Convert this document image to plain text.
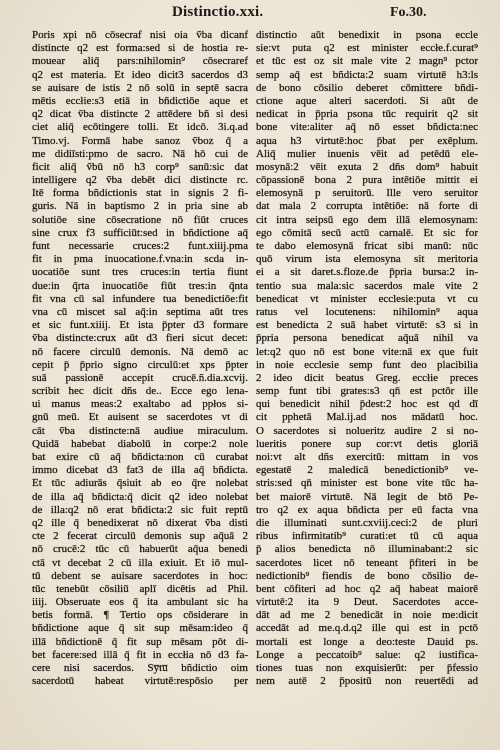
Distinctio.xxi.	Fo.30.
Poris xpi nō cōsecraf nisi oia ṽba dicanf
distincte q2 est forma:sed si de hostia re-
mouear aliq̄ pars:nihilomin⁹ cōsecraref
q2 est materia. Et ideo dicit3 sacerdos d3
se auisare de istis 2 nō solū in septē sacra
mētis eccłie:s3 etiā in bñdictiōe aque et
q2 dicat ṽba distincte 2 attēdere bñ si desi
ciet aliq̄ ecōtingere tolli. Et idcō. 3i.q.ad
Timo.vj. Formā habe sanoz ṽboz q̄ a
me didiīsti:pmo de sacro. Nā hō cui de
ficit aliq̄ ṽbū nō h3 corp⁹ sanū:sic dat
intelligere q2 ṽba debēt dici distincte rc.
Itē forma bñdictionis stat in signis 2 fi-
guris. Nā in baptismo 2 in pria sine ab
solutiōe sine cōsecratione nō fiūt cruces
sine crux f3 sufficiūt:sed in bñdictione aq̄
funt necessarie cruces:2 funt.xiiij.pma
fit in pma inuocatione.f.vna:in scda in-
uocatiōe sunt tres cruces:in tertia fiunt
due:in q̄rta inuocatiōe fiūt tres:in q̄nta
fit vna cū sal infundere tua benedictiōe:fit
vna cū miscet sal aq̄:in septima aūt tres
et sic funt.xiiij. Et ista p̄pter d3 formare
ṽba distincte:crux aūt d3 fieri sicut decet:
nō facere circulū demonis. Nā demō ac
cepit p̄ p̄prio signo circulū:et xps p̄pter
suā passionē accepit crucē.ñ.dia.xcvij.
scribit hec dicit dñs de.. Ecce ego lena-
ui manus meas:2 exaltabo ad ppłos si-
gnū meū. Et auisent se sacerdotes vt di
cāt ṽba distincte:nā audiue miraculum.
Quidā habebat diabolū in corpe:2 nole
bat exire cū aq̄ bñdicta:non cū curabat
immo dicebat d3 fat3 de illa aq̄ bñdicta.
Et tūc adiurās q̄siuit ab eo q̄re nolebat
de illa aq̄ bñdicta:q̄ dicit q2 ideo nolebat
de illa:q2 nō erat bñdicta:2 sic fuit reptū
q2 ille q̄ benedixerat nō dixerat ṽba disti
cte 2 fecerat circulū demonis sup aq̄uā 2
nō crucē:2 tūc cū habuerūt aq̄ua benedi
ctā vt decebat 2 cū illa exiuit. Et iō mul-
tū debent se auisare sacerdotes in hoc:
tūc tenebūt cōsiliū aplī dicētis ad Phil.
iiij. Obseruate eos q̄ ita ambulant sic ha
betis formā. ¶ Tertio ops cōsiderare in
bñdictione aque q̄ sit sup mēsam:ideo q̄
illā bñdictionē q̄ fit sup mēsam pōt di-
bet facere:sed illā q̄ fit in eccłia nō d3 fa-
cere nisi sacerdos. Sy̅tu̅ bñdictio oim
sacerdotū habeat virtutē:respōsio per
distinctio aūt benedixit in psona eccle
sie:vt puta q2 est minister eccłe.f.curat⁹
et tūc est oz sit male vite 2 magn⁹ pctor
semp aq̄ est bñdicta:2 suam virtutē h3:ls
de bono cōsilio deberet cōmittere bñdi-
ctione aque alteri sacerdoti. Si aūt de
nedicat in p̄pria psona tūc requirit q2 sit
bone vite:aliter aq̄ nō esset bñdicta:nec
aqua h3 virtutē:hoc p̄bat per exēplum.
Aliq̄ mulier inuenis vēit ad petēdū ele-
mosynā:2 vēit exuta 2 dñs dom⁹ habuit
cōpassionē bona 2 pura intētiōe mittit ei
elemosynā p seruitorū. Ille vero seruitor
dat mala 2 corrupta intētiōe: nā forte di
cit intra seipsū ego dem illā elemosynam:
ego cōmitā secū actū carnalē. Et sic for
te dabo elemosynā fricat sibi manū: nūc
quō virum ista elemosyna sit meritoria
ei a sit daret.s.floze.de p̄pria bursa:2 in-
tentio sua mala:sic sacerdos male vite 2
benedicat vt minister ecclesie:puta vt cu
ratus vel locutenens: nihilomin⁹ aqua
est benedicta 2 suā habet virtutē: s3 si in
p̄pria persona benedicat aq̄uā nihil va
let:q2 quo nō est bone vite:nā ex que fuit
in noie ecclesie semp funt deo placibilia
2 ideo dicit beatus Greg. eccłie preces
semp funt tibi grates:s3 qn̄ est pctōr ille
qui benedicit nihil p̄dest:2 hoc est qd dī
cit pphetā Mal.ij.ad nos mādatū hoc.
O sacerdotes si nolueritz audire 2 si no-
lueritis ponere sup cor:vt detis gloriā
noi:vt alt dñs exercitū: mittam in vos
egestatē 2 maledicā benedictionib⁹ ve-
stris:sed qn̄ minister est bone vite tūc ha-
bet maiorē virtutē. Nā legit de btō Pe-
tro q2 ex aqua bñdicta per eū facta vna
die illuminati sunt.cxviij.ceci:2 de pluri
ribus infirmitatib⁹ curati:et tū cū aqua
p̄ alios benedicta nō illuminabant:2 sic
sacerdotes licet nō teneant p̄fiteri in be
nedictionib⁹ fiendis de bono cōsilio de-
bent cōfiteri ad hoc q2 aq̄ habeat maiorē
virtutē:2 ita 9 Deut. Sacerdotes acce-
dāt ad me 2 benedicāt in noie me:dicit
accedāt ad me.q.d.q2 ille qui est in pctō
mortali est longe a deo:teste Dauid ps.
Longe a peccatoib⁹ salue: q2 iustifica-
tiones tuas non exquisierūt: per p̄fessio
nem autē 2 p̄positū non reuertēdi ad
